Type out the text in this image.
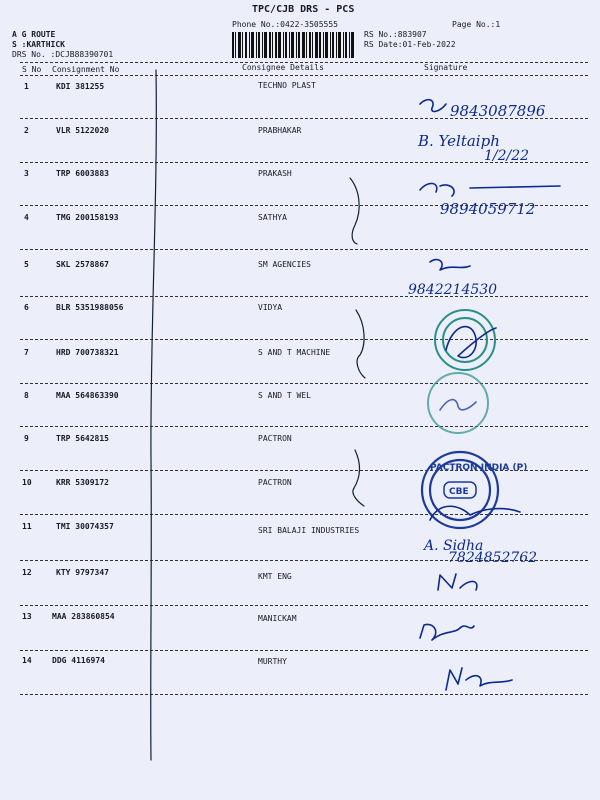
TPC/CJB DRS - PCS
Phone No.:0422-3505555
A G ROUTE
S :KARTHICK
DRS No. :DCJB88390701
RS No.:883907
RS Date:01-Feb-2022
Page No.:1
S No Consignment No	Consignee Details	Signature
1	KDI 381255	TECHNO PLAST
2	VLR 5122020	PRABHAKAR
3	TRP 6003883	PRAKASH
4	TMG 200158193	SATHYA
5	SKL 2578867	SM AGENCIES
6	BLR 5351988056	VIDYA
7	HRD 700738321	S AND T MACHINE
8	MAA 564863390	S AND T WEL
9	TRP 5642815	PACTRON
10	KRR 5309172	PACTRON
11	TMI 30074357	SRI BALAJI INDUSTRIES
12	KTY 9797347	KMT ENG
13	MAA 283860854	MANICKAM
14	DDG 4116974	MURTHY
9843087896
B. Yeltaiph
1/2/22
9894059712
9842214530
PACTRON INDIA (P)
CBE
A. Sidha
7824852762
